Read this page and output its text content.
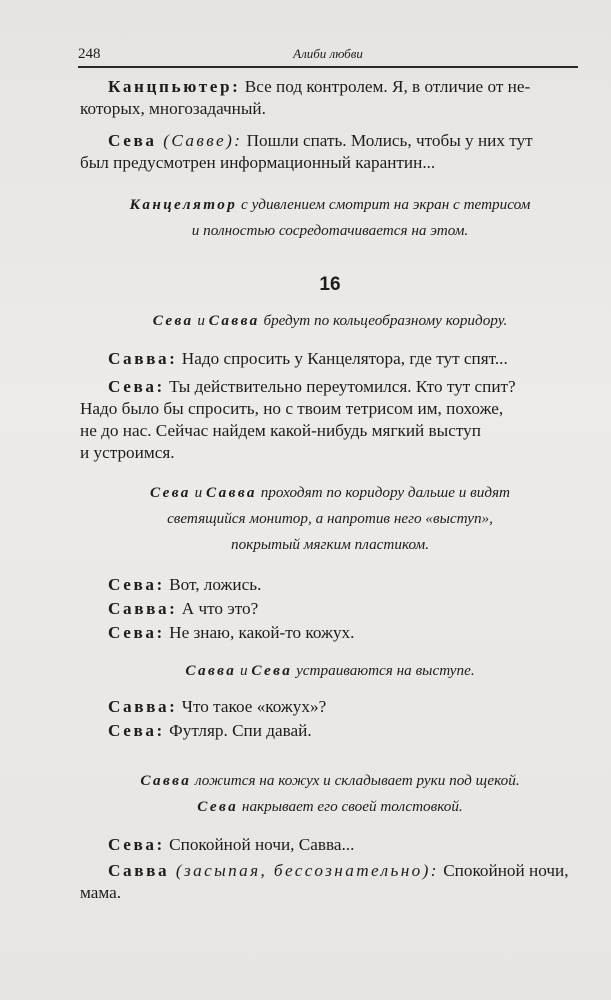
248	Алиби любви

Канцпьютер: Все под контролем. Я, в отличие от не-

которых, многозадачный.

Сева (Савве): Пошли спать. Молись, чтобы у них тут

был предусмотрен информационный карантин...

Канцелятор с удивлением смотрит на экран с тетрисом

и полностью сосредотачивается на этом.

16

Сева и Савва бредут по кольцеобразному коридору.

Савва: Надо спросить у Канцелятора, где тут спят...

Сева: Ты действительно переутомился. Кто тут спит?

Надо было бы спросить, но с твоим тетрисом им, похоже,

не до нас. Сейчас найдем какой-нибудь мягкий выступ

и устроимся.

Сева и Савва проходят по коридору дальше и видят

светящийся монитор, а напротив него «выступ»,

покрытый мягким пластиком.

Сева: Вот, ложись.

Савва: А что это?

Сева: Не знаю, какой-то кожух.

Савва и Сева устраиваются на выступе.

Савва: Что такое «кожух»?

Сева: Футляр. Спи давай.

Савва ложится на кожух и складывает руки под щекой.

Сева накрывает его своей толстовкой.

Сева: Спокойной ночи, Савва...

Савва (засыпая, бессознательно): Спокойной ночи,

мама.
